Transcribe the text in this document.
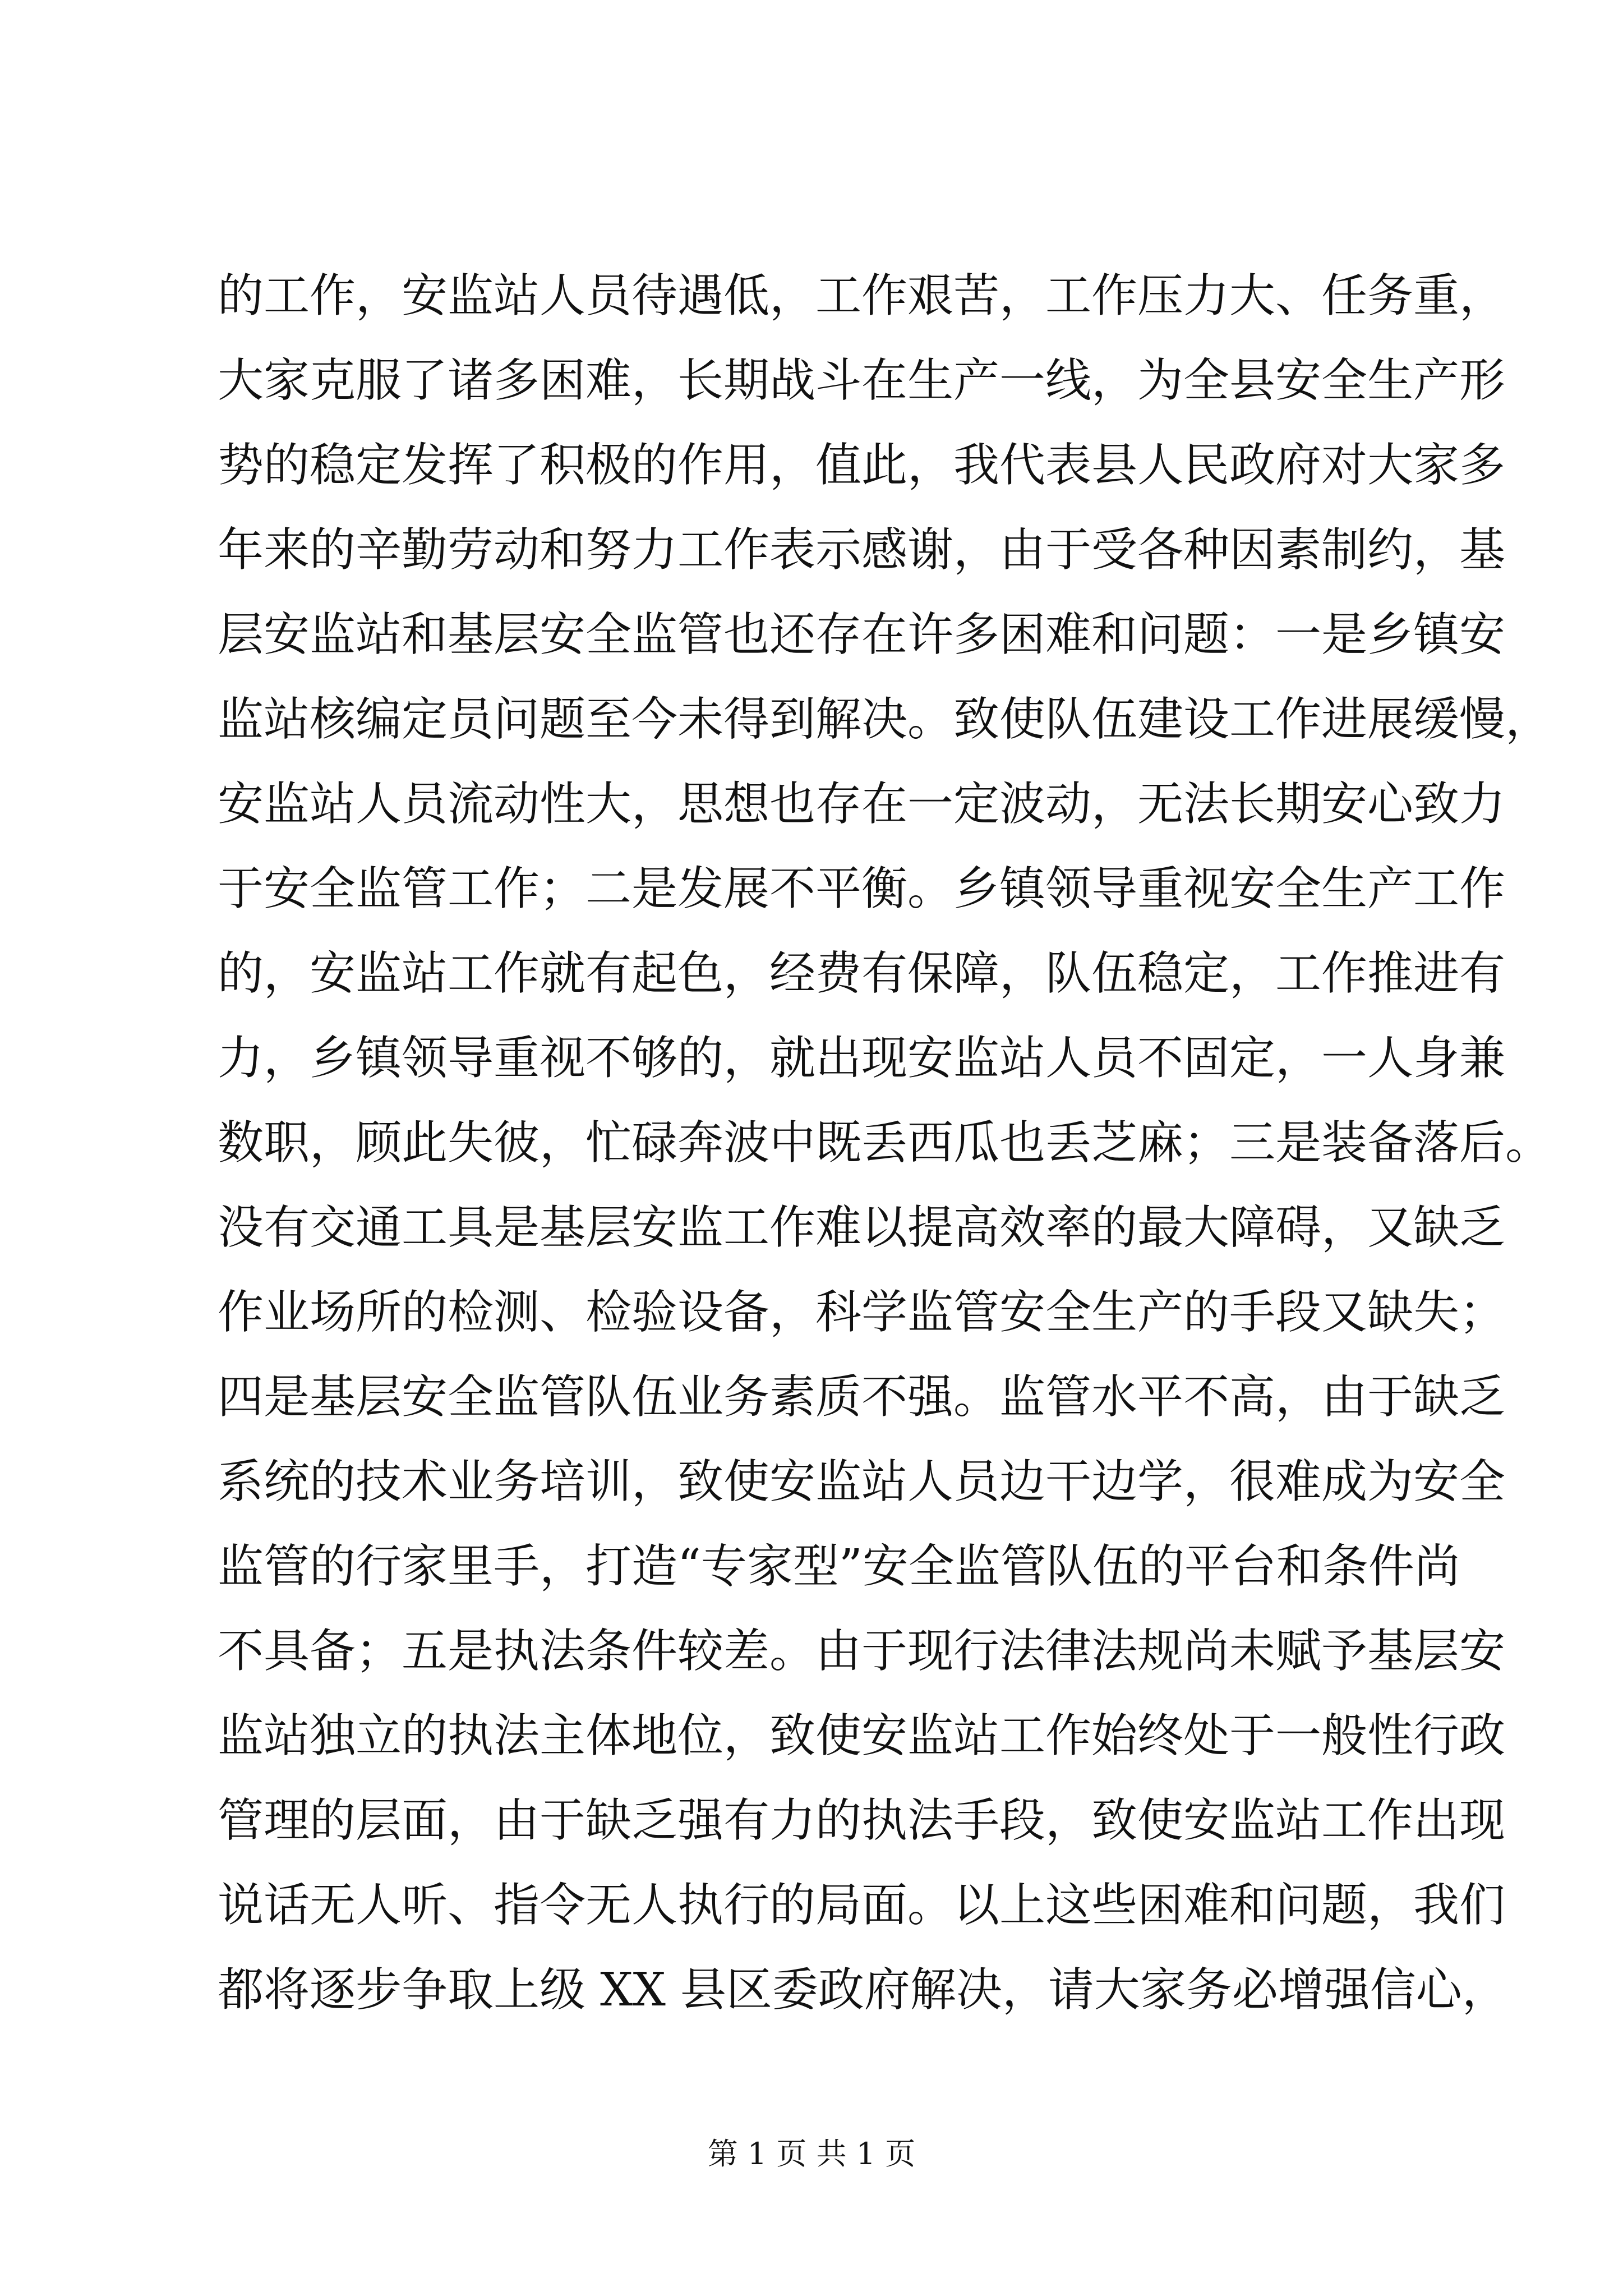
的工作，安监站人员待遇低，工作艰苦，工作压力大、任务重，
大家克服了诸多困难，长期战斗在生产一线，为全县安全生产形
势的稳定发挥了积极的作用，值此，我代表县人民政府对大家多
年来的辛勤劳动和努力工作表示感谢，由于受各种因素制约，基
层安监站和基层安全监管也还存在许多困难和问题：一是乡镇安
监站核编定员问题至今未得到解决。致使队伍建设工作进展缓慢，
安监站人员流动性大，思想也存在一定波动，无法长期安心致力
于安全监管工作；二是发展不平衡。乡镇领导重视安全生产工作
的，安监站工作就有起色，经费有保障，队伍稳定，工作推进有
力，乡镇领导重视不够的，就出现安监站人员不固定，一人身兼
数职，顾此失彼，忙碌奔波中既丢西瓜也丢芝麻；三是装备落后。
没有交通工具是基层安监工作难以提高效率的最大障碍，又缺乏
作业场所的检测、检验设备，科学监管安全生产的手段又缺失；
四是基层安全监管队伍业务素质不强。监管水平不高，由于缺乏
系统的技术业务培训，致使安监站人员边干边学，很难成为安全
监管的行家里手，打造“专家型”安全监管队伍的平台和条件尚
不具备；五是执法条件较差。由于现行法律法规尚未赋予基层安
监站独立的执法主体地位，致使安监站工作始终处于一般性行政
管理的层面，由于缺乏强有力的执法手段，致使安监站工作出现
说话无人听、指令无人执行的局面。以上这些困难和问题，我们
都将逐步争取上级 XX 县区委政府解决，请大家务必增强信心，
第 1 页 共 1 页
